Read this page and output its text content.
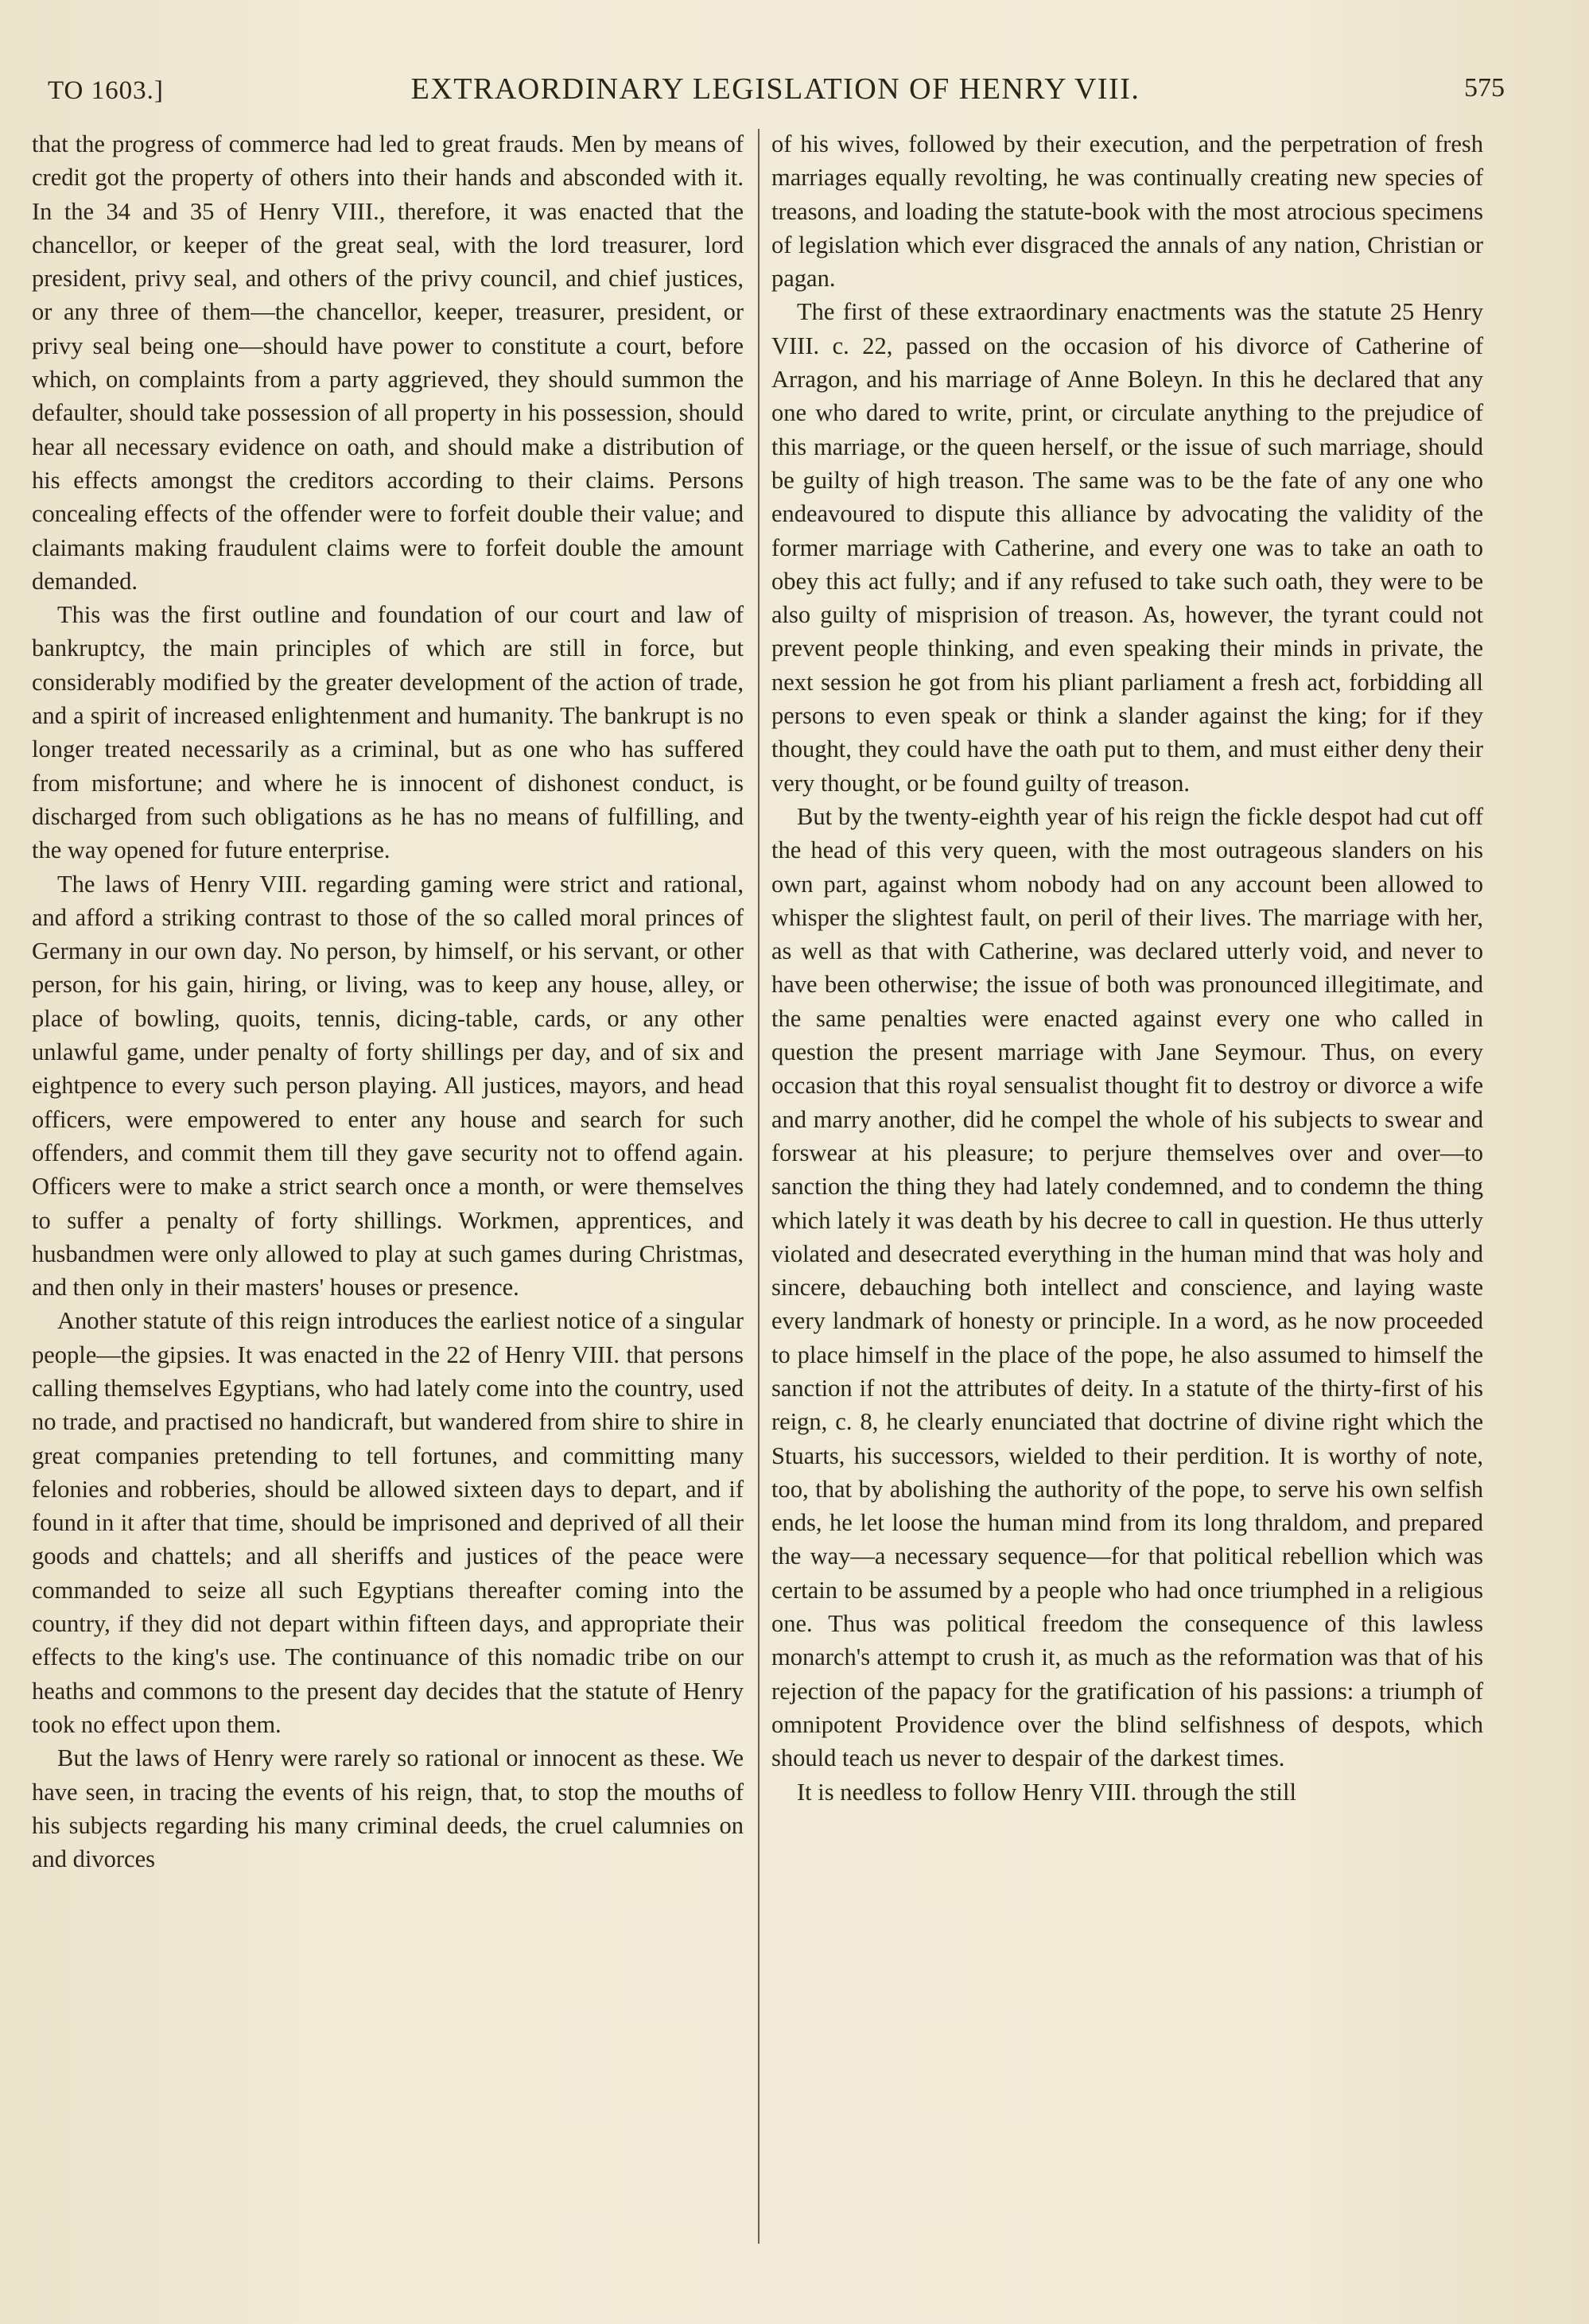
TO 1603.]	EXTRAORDINARY LEGISLATION OF HENRY VIII.	575

that the progress of commerce had led to great frauds. Men by means of credit got the property of others into their hands and absconded with it. In the 34 and 35 of Henry VIII., therefore, it was enacted that the chancellor, or keeper of the great seal, with the lord treasurer, lord president, privy seal, and others of the privy council, and chief justices, or any three of them—the chancellor, keeper, treasurer, president, or privy seal being one—should have power to constitute a court, before which, on complaints from a party aggrieved, they should summon the defaulter, should take possession of all property in his possession, should hear all necessary evidence on oath, and should make a distribution of his effects amongst the creditors according to their claims. Persons concealing effects of the offender were to forfeit double their value; and claimants making fraudulent claims were to forfeit double the amount demanded.

This was the first outline and foundation of our court and law of bankruptcy, the main principles of which are still in force, but considerably modified by the greater development of the action of trade, and a spirit of increased enlightenment and humanity. The bankrupt is no longer treated necessarily as a criminal, but as one who has suffered from misfortune; and where he is innocent of dishonest conduct, is discharged from such obligations as he has no means of fulfilling, and the way opened for future enterprise.

The laws of Henry VIII. regarding gaming were strict and rational, and afford a striking contrast to those of the so called moral princes of Germany in our own day. No person, by himself, or his servant, or other person, for his gain, hiring, or living, was to keep any house, alley, or place of bowling, quoits, tennis, dicing-table, cards, or any other unlawful game, under penalty of forty shillings per day, and of six and eightpence to every such person playing. All justices, mayors, and head officers, were empowered to enter any house and search for such offenders, and commit them till they gave security not to offend again. Officers were to make a strict search once a month, or were themselves to suffer a penalty of forty shillings. Workmen, apprentices, and husbandmen were only allowed to play at such games during Christmas, and then only in their masters' houses or presence.

Another statute of this reign introduces the earliest notice of a singular people—the gipsies. It was enacted in the 22 of Henry VIII. that persons calling themselves Egyptians, who had lately come into the country, used no trade, and practised no handicraft, but wandered from shire to shire in great companies pretending to tell fortunes, and committing many felonies and robberies, should be allowed sixteen days to depart, and if found in it after that time, should be imprisoned and deprived of all their goods and chattels; and all sheriffs and justices of the peace were commanded to seize all such Egyptians thereafter coming into the country, if they did not depart within fifteen days, and appropriate their effects to the king's use. The continuance of this nomadic tribe on our heaths and commons to the present day decides that the statute of Henry took no effect upon them.

But the laws of Henry were rarely so rational or innocent as these. We have seen, in tracing the events of his reign, that, to stop the mouths of his subjects regarding his many criminal deeds, the cruel calumnies on and divorces

of his wives, followed by their execution, and the perpetration of fresh marriages equally revolting, he was continually creating new species of treasons, and loading the statute-book with the most atrocious specimens of legislation which ever disgraced the annals of any nation, Christian or pagan.

The first of these extraordinary enactments was the statute 25 Henry VIII. c. 22, passed on the occasion of his divorce of Catherine of Arragon, and his marriage of Anne Boleyn. In this he declared that any one who dared to write, print, or circulate anything to the prejudice of this marriage, or the queen herself, or the issue of such marriage, should be guilty of high treason. The same was to be the fate of any one who endeavoured to dispute this alliance by advocating the validity of the former marriage with Catherine, and every one was to take an oath to obey this act fully; and if any refused to take such oath, they were to be also guilty of misprision of treason. As, however, the tyrant could not prevent people thinking, and even speaking their minds in private, the next session he got from his pliant parliament a fresh act, forbidding all persons to even speak or think a slander against the king; for if they thought, they could have the oath put to them, and must either deny their very thought, or be found guilty of treason.

But by the twenty-eighth year of his reign the fickle despot had cut off the head of this very queen, with the most outrageous slanders on his own part, against whom nobody had on any account been allowed to whisper the slightest fault, on peril of their lives. The marriage with her, as well as that with Catherine, was declared utterly void, and never to have been otherwise; the issue of both was pronounced illegitimate, and the same penalties were enacted against every one who called in question the present marriage with Jane Seymour. Thus, on every occasion that this royal sensualist thought fit to destroy or divorce a wife and marry another, did he compel the whole of his subjects to swear and forswear at his pleasure; to perjure themselves over and over—to sanction the thing they had lately condemned, and to condemn the thing which lately it was death by his decree to call in question. He thus utterly violated and desecrated everything in the human mind that was holy and sincere, debauching both intellect and conscience, and laying waste every landmark of honesty or principle. In a word, as he now proceeded to place himself in the place of the pope, he also assumed to himself the sanction if not the attributes of deity. In a statute of the thirty-first of his reign, c. 8, he clearly enunciated that doctrine of divine right which the Stuarts, his successors, wielded to their perdition. It is worthy of note, too, that by abolishing the authority of the pope, to serve his own selfish ends, he let loose the human mind from its long thraldom, and prepared the way—a necessary sequence—for that political rebellion which was certain to be assumed by a people who had once triumphed in a religious one. Thus was political freedom the consequence of this lawless monarch's attempt to crush it, as much as the reformation was that of his rejection of the papacy for the gratification of his passions: a triumph of omnipotent Providence over the blind selfishness of despots, which should teach us never to despair of the darkest times.

It is needless to follow Henry VIII. through the still
